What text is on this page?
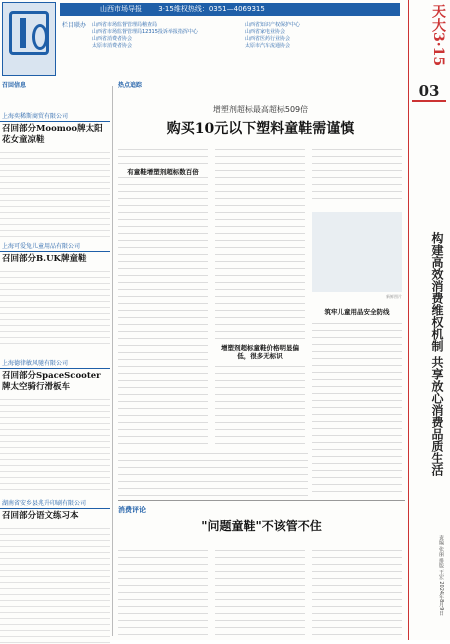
山西市场导报 3·15维权热线：0351—4069315
栏目联办	山西省市场监督管理局稽查局
山西省市场监督管理局12315投诉举报指挥中心
山西省消费者协会
太原市消费者协会
山西省知识产权保护中心
山西省家电业协会
山西省医药行业协会
太原市汽车流通协会
召回信息
天大3·15
03
构建高效消费维权机制 共享放心消费品质生活
责编 张丽 排版 王宏 2024年8月9日
上海奕稀斯商贸有限公司
召回部分Moomoo牌太阳花女童凉鞋
上海可爱兔儿童用品有限公司
召回部分B.UK牌童鞋
上海德律敏风驰有限公司
召回部分SpaceScooter牌太空骑行滑板车
湖南省安乡县兆升印刷有限公司
召回部分语文练习本
热点追踪
增塑剂超标最高超标509倍
购买10元以下塑料童鞋需谨慎
有童鞋增塑剂超标数百倍
增塑剂超标童鞋价格明显偏低，很多无标识
新鲜图片
筑牢儿童用品安全防线
消费评论
"问题童鞋"不该管不住
